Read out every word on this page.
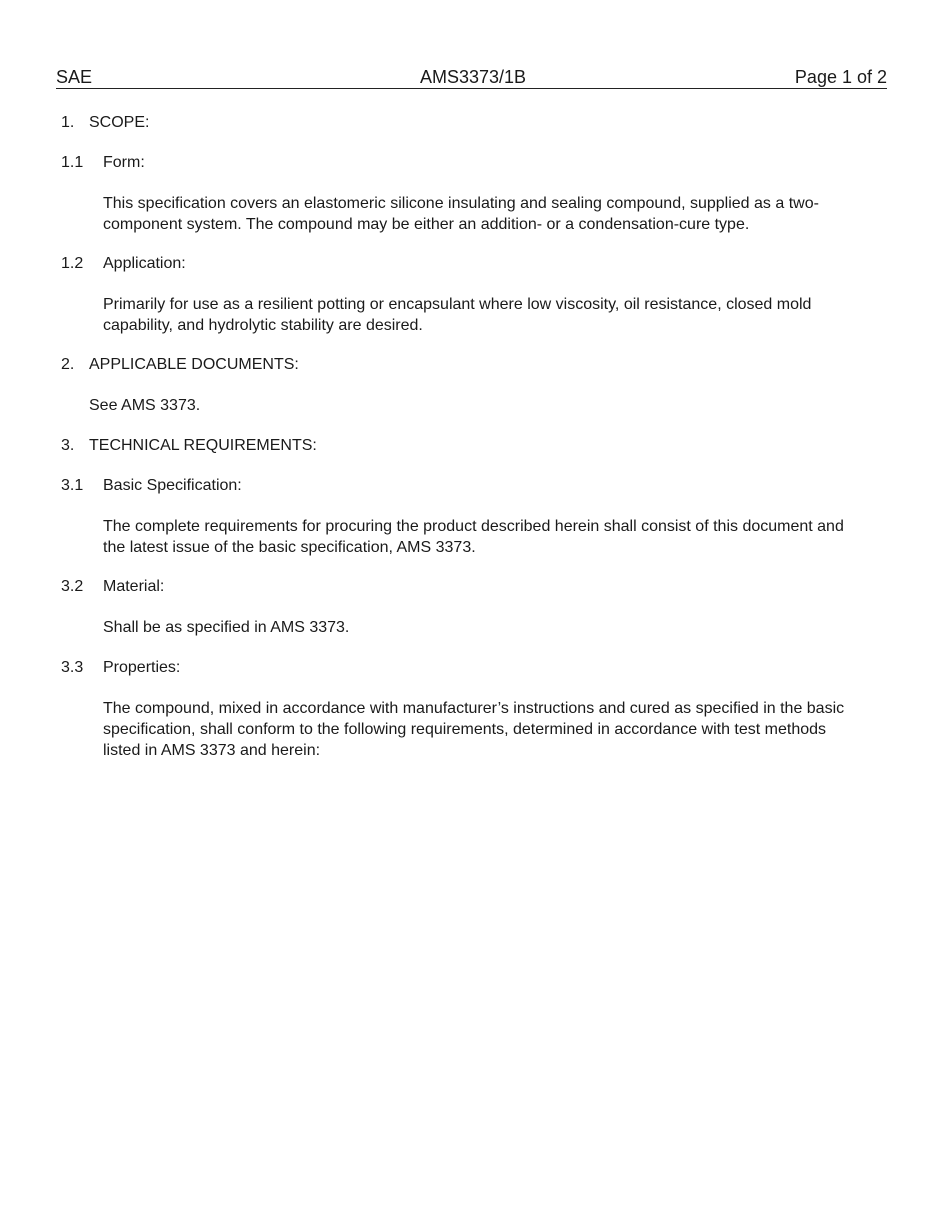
SAE	AMS3373/1B	Page 1 of 2
1. SCOPE:
1.1 Form:
This specification covers an elastomeric silicone insulating and sealing compound, supplied as a two-component system. The compound may be either an addition- or a condensation-cure type.
1.2 Application:
Primarily for use as a resilient potting or encapsulant where low viscosity, oil resistance, closed mold capability, and hydrolytic stability are desired.
2. APPLICABLE DOCUMENTS:
See AMS 3373.
3. TECHNICAL REQUIREMENTS:
3.1 Basic Specification:
The complete requirements for procuring the product described herein shall consist of this document and the latest issue of the basic specification, AMS 3373.
3.2 Material:
Shall be as specified in AMS 3373.
3.3 Properties:
The compound, mixed in accordance with manufacturer’s instructions and cured as specified in the basic specification, shall conform to the following requirements, determined in accordance with test methods listed in AMS 3373 and herein:
